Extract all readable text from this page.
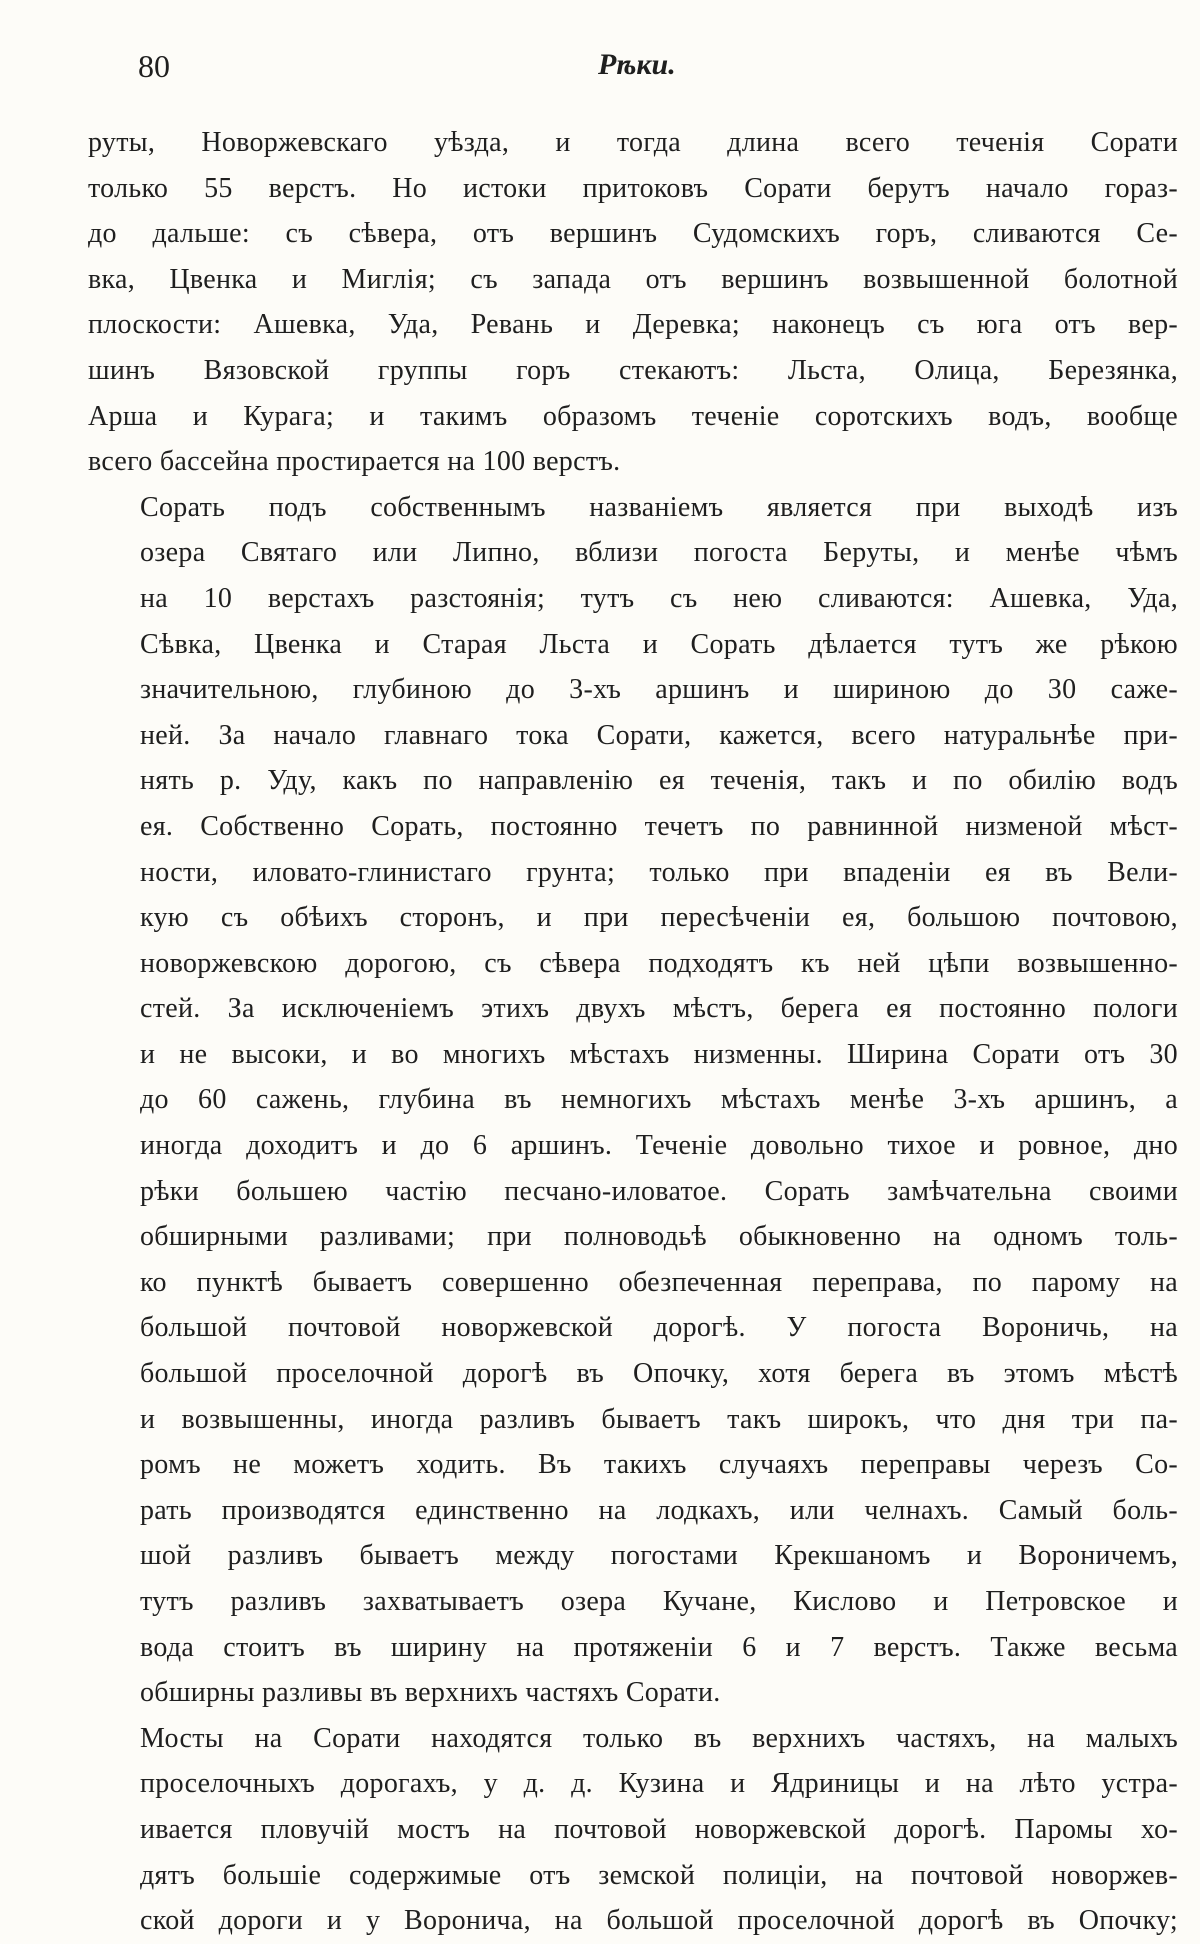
80	Рѣки.

руты, Новоржевскаго уѣзда, и тогда длина всего теченія Сорати
только 55 верстъ. Но истоки притоковъ Сорати берутъ начало гораз-
до дальше: съ сѣвера, отъ вершинъ Судомскихъ горъ, сливаются Се-
вка, Цвенка и Миглія; съ запада отъ вершинъ возвышенной болотной
плоскости: Ашевка, Уда, Ревань и Деревка; наконецъ съ юга отъ вер-
шинъ Вязовской группы горъ стекаютъ: Льста, Олица, Березянка,
Арша и Курага; и такимъ образомъ теченіе соротскихъ водъ, вообще
всего бассейна простирается на 100 верстъ.

Сорать подъ собственнымъ названіемъ является при выходѣ изъ
озера Святаго или Липно, вблизи погоста Беруты, и менѣе чѣмъ
на 10 верстахъ разстоянія; тутъ съ нею сливаются: Ашевка, Уда,
Сѣвка, Цвенка и Старая Льста и Сорать дѣлается тутъ же рѣкою
значительною, глубиною до 3-хъ аршинъ и шириною до 30 саже-
ней. За начало главнаго тока Сорати, кажется, всего натуральнѣе при-
нять р. Уду, какъ по направленію ея теченія, такъ и по обилію водъ
ея. Собственно Сорать, постоянно течетъ по равнинной низменой мѣст-
ности, иловато-глинистаго грунта; только при впаденіи ея въ Вели-
кую съ обѣихъ сторонъ, и при пересѣченіи ея, большою почтовою,
новоржевскою дорогою, съ сѣвера подходятъ къ ней цѣпи возвышенно-
стей. За исключеніемъ этихъ двухъ мѣстъ, берега ея постоянно пологи
и не высоки, и во многихъ мѣстахъ низменны. Ширина Сорати отъ 30
до 60 сажень, глубина въ немногихъ мѣстахъ менѣе 3-хъ аршинъ, а
иногда доходитъ и до 6 аршинъ. Теченіе довольно тихое и ровное, дно
рѣки большею частію песчано-иловатое. Сорать замѣчательна своими
обширными разливами; при полноводьѣ обыкновенно на одномъ толь-
ко пунктѣ бываетъ совершенно обезпеченная переправа, по парому на
большой почтовой новоржевской дорогѣ. У погоста Вороничь, на
большой проселочной дорогѣ въ Опочку, хотя берега въ этомъ мѣстѣ
и возвышенны, иногда разливъ бываетъ такъ широкъ, что дня три па-
ромъ не можетъ ходить. Въ такихъ случаяхъ переправы черезъ Со-
рать производятся единственно на лодкахъ, или челнахъ. Самый боль-
шой разливъ бываетъ между погостами Крекшаномъ и Вороничемъ,
тутъ разливъ захватываетъ озера Кучане, Кислово и Петровское и
вода стоитъ въ ширину на протяженіи 6 и 7 верстъ. Также весьма
обширны разливы въ верхнихъ частяхъ Сорати.

Мосты на Сорати находятся только въ верхнихъ частяхъ, на малыхъ
проселочныхъ дорогахъ, у д. д. Кузина и Ядриницы и на лѣто устра-
ивается пловучій мостъ на почтовой новоржевской дорогѣ. Паромы хо-
дятъ большіе содержимые отъ земской полиціи, на почтовой новоржев-
ской дороги и у Воронича, на большой проселочной дорогѣ въ Опочку;
